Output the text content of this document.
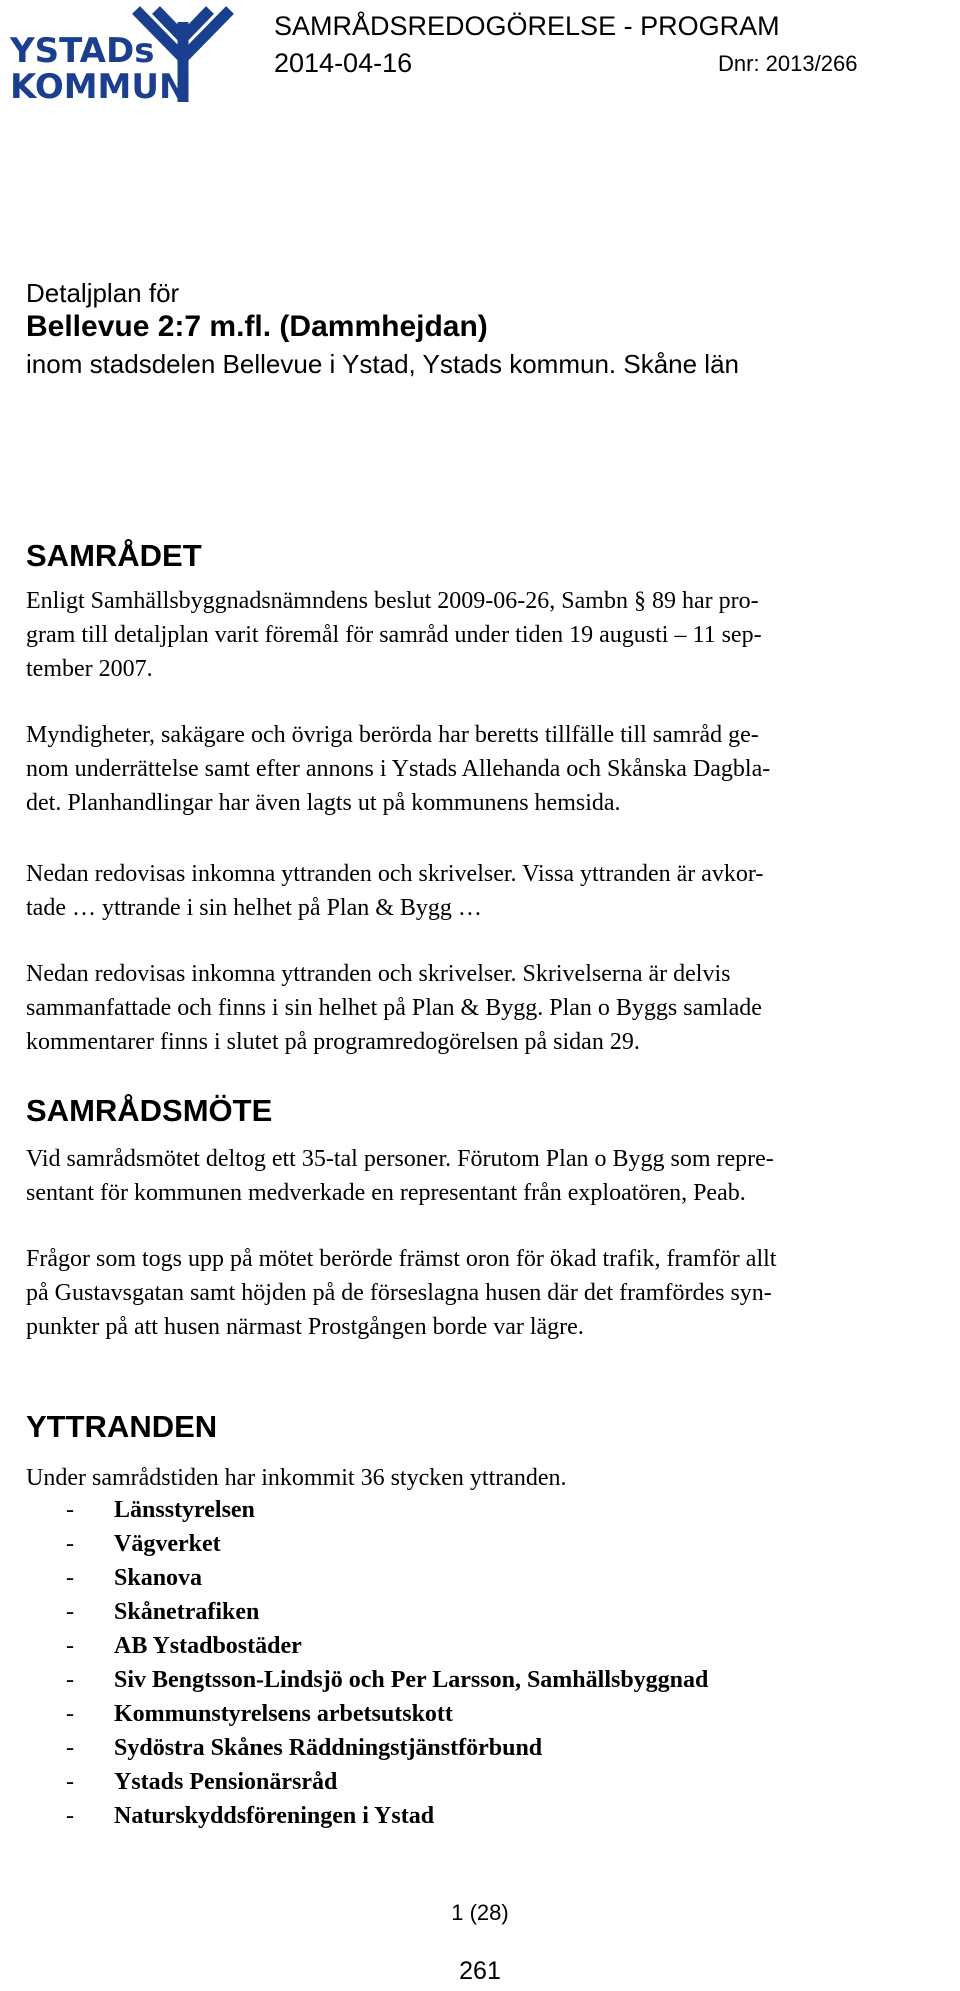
YSTADs
KOMMUN
SAMRÅDSREDOGÖRELSE - PROGRAM
2014-04-16	Dnr: 2013/266
Detaljplan för
Bellevue 2:7 m.fl. (Dammhejdan)
inom stadsdelen Bellevue i Ystad, Ystads kommun. Skåne län
SAMRÅDET
Enligt Samhällsbyggnadsnämndens beslut 2009-06-26, Sambn § 89 har pro-
gram till detaljplan varit föremål för samråd under tiden 19 augusti – 11 sep-
tember 2007.
Myndigheter, sakägare och övriga berörda har beretts tillfälle till samråd ge-
nom underrättelse samt efter annons i Ystads Allehanda och Skånska Dagbla-
det. Planhandlingar har även lagts ut på kommunens hemsida.
Nedan redovisas inkomna yttranden och skrivelser. Vissa yttranden är avkor-
tade … yttrande i sin helhet på Plan & Bygg …
Nedan redovisas inkomna yttranden och skrivelser. Skrivelserna är delvis
sammanfattade och finns i sin helhet på Plan & Bygg. Plan o Byggs samlade
kommentarer finns i slutet på programredogörelsen på sidan 29.
SAMRÅDSMÖTE
Vid samrådsmötet deltog ett 35-tal personer. Förutom Plan o Bygg som repre-
sentant för kommunen medverkade en representant från exploatören, Peab.
Frågor som togs upp på mötet berörde främst oron för ökad trafik, framför allt
på Gustavsgatan samt höjden på de förseslagna husen där det framfördes syn-
punkter på att husen närmast Prostgången borde var lägre.
YTTRANDEN
Under samrådstiden har inkommit 36 stycken yttranden.
- Länsstyrelsen
- Vägverket
- Skanova
- Skånetrafiken
- AB Ystadbostäder
- Siv Bengtsson-Lindsjö och Per Larsson, Samhällsbyggnad
- Kommunstyrelsens arbetsutskott
- Sydöstra Skånes Räddningstjänstförbund
- Ystads Pensionärsråd
- Naturskyddsföreningen i Ystad
1 (28)
261
